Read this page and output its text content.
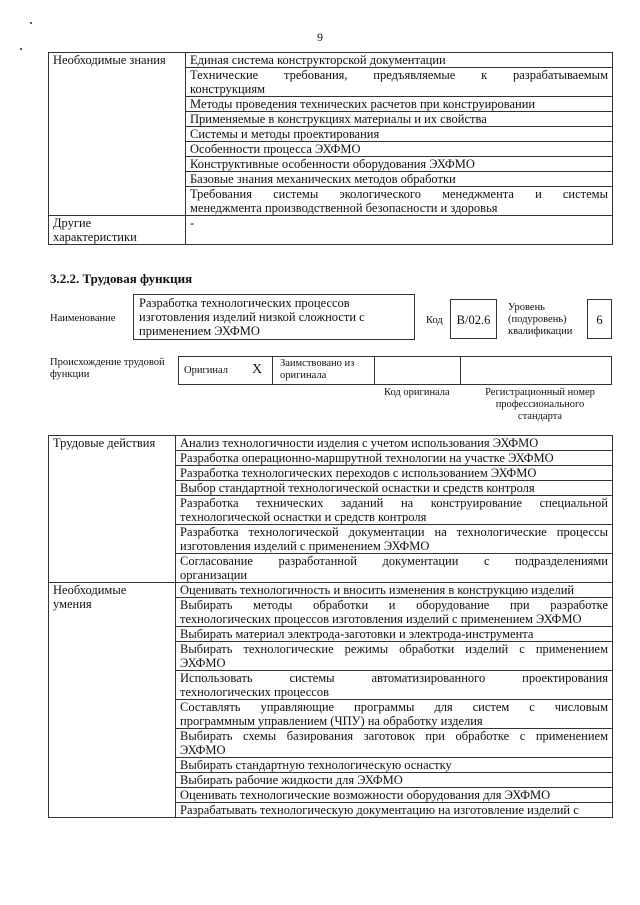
9
Необходимые знания	Единая система конструкторской документации

	Технические требования, предъявляемые к разрабатываемым
конструкциям

	Методы проведения технических расчетов при конструировании

	Применяемые в конструкциях материалы и их свойства

	Системы и методы проектирования

	Особенности процесса ЭХФМО

	Конструктивные особенности оборудования ЭХФМО

	Базовые знания механических методов обработки

	Требования системы экологического менеджмента и системы
менеджмента производственной безопасности и здоровья

Другие
характеристики	-
3.2.2. Трудовая функция
Наименование
Разработка технологических процессов
изготовления изделий низкой сложности с
применением ЭХФМО
Код	B/02.6
Уровень
(подуровень)
квалификации
6
Происхождение трудовой
функции	Оригинал X Заимствовано из
оригинала
Код оригинала	Регистрационный номер
профессионального
стандарта
Трудовые действия	Анализ технологичности изделия с учетом использования ЭХФМО

	Разработка операционно-маршрутной технологии на участке ЭХФМО

	Разработка технологических переходов с использованием ЭХФМО

	Выбор стандартной технологической оснастки и средств контроля

	Разработка технических заданий на конструирование специальной
технологической оснастки и средств контроля

	Разработка технологической документации на технологические процессы
изготовления изделий с применением ЭХФМО

	Согласование разработанной документации с подразделениями
организации

Необходимые
умения	Оценивать технологичность и вносить изменения в конструкцию изделий

	Выбирать методы обработки и оборудование при разработке
технологических процессов изготовления изделий с применением ЭХФМО

	Выбирать материал электрода-заготовки и электрода-инструмента

	Выбирать технологические режимы обработки изделий с применением
ЭХФМО

	Использовать системы автоматизированного проектирования
технологических процессов

	Составлять управляющие программы для систем с числовым
программным управлением (ЧПУ) на обработку изделия

	Выбирать схемы базирования заготовок при обработке с применением
ЭХФМО

	Выбирать стандартную технологическую оснастку

	Выбирать рабочие жидкости для ЭХФМО

	Оценивать технологические возможности оборудования для ЭХФМО

	Разрабатывать технологическую документацию на изготовление изделий с
